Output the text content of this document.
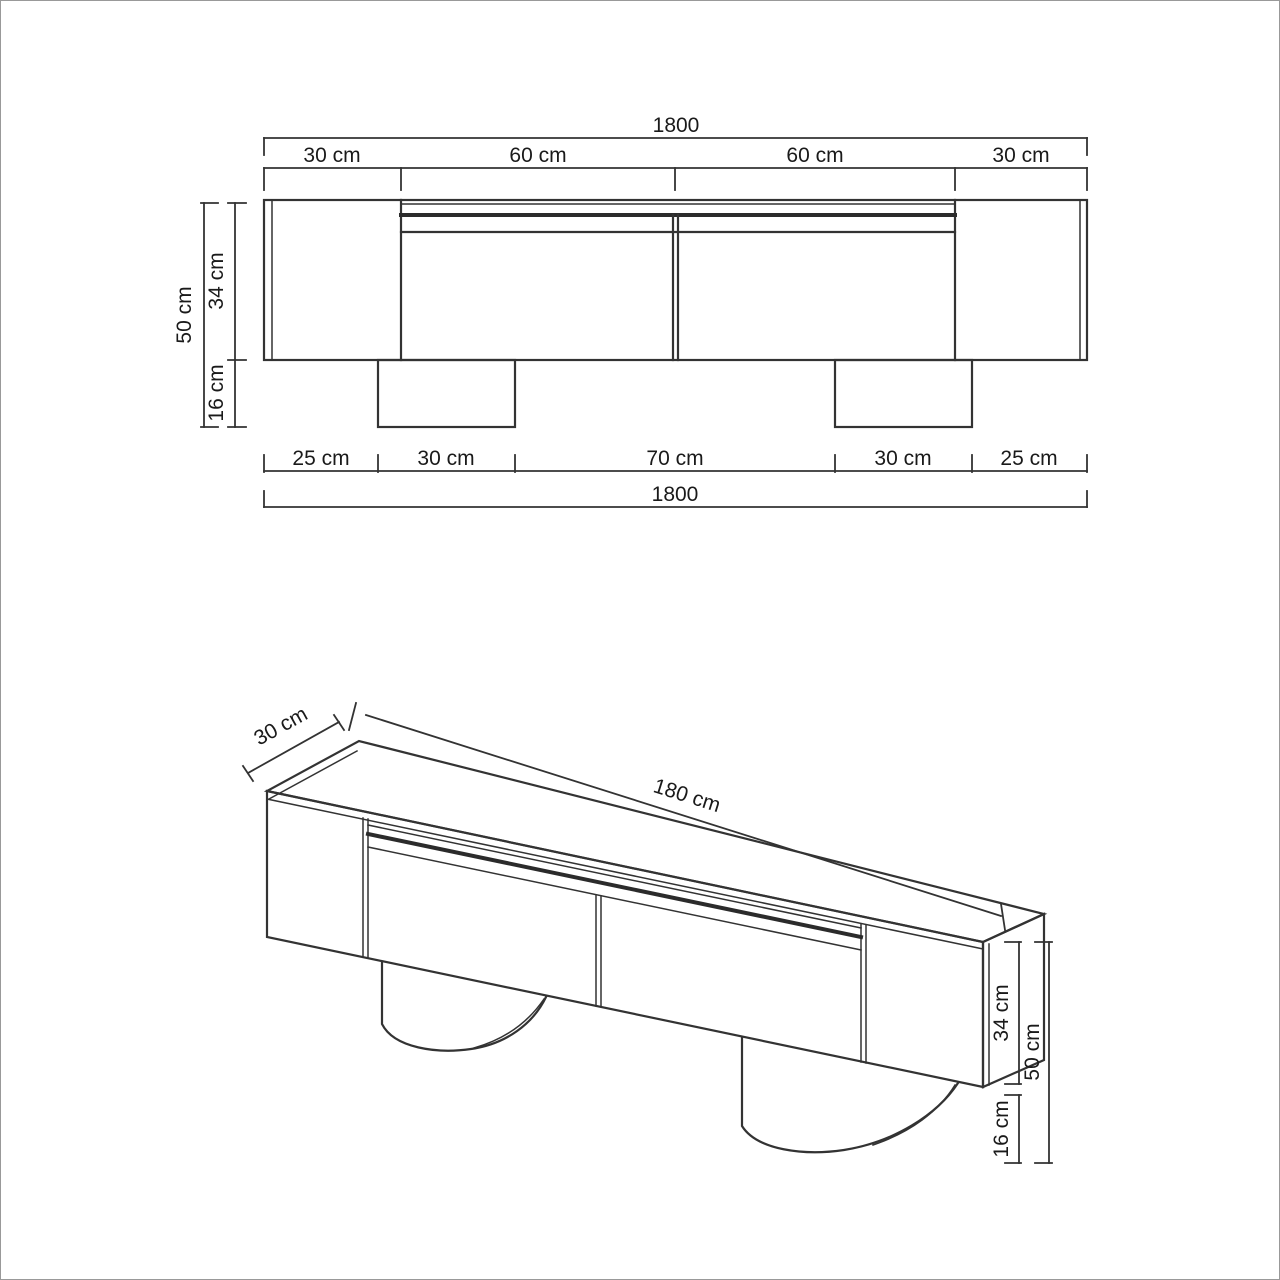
1800
30 cm	60 cm	60 cm	30 cm
50 cm
34 cm
16 cm
25 cm	30 cm	70 cm	30 cm	25 cm
1800
30 cm
180 cm
34 cm
16 cm
50 cm
